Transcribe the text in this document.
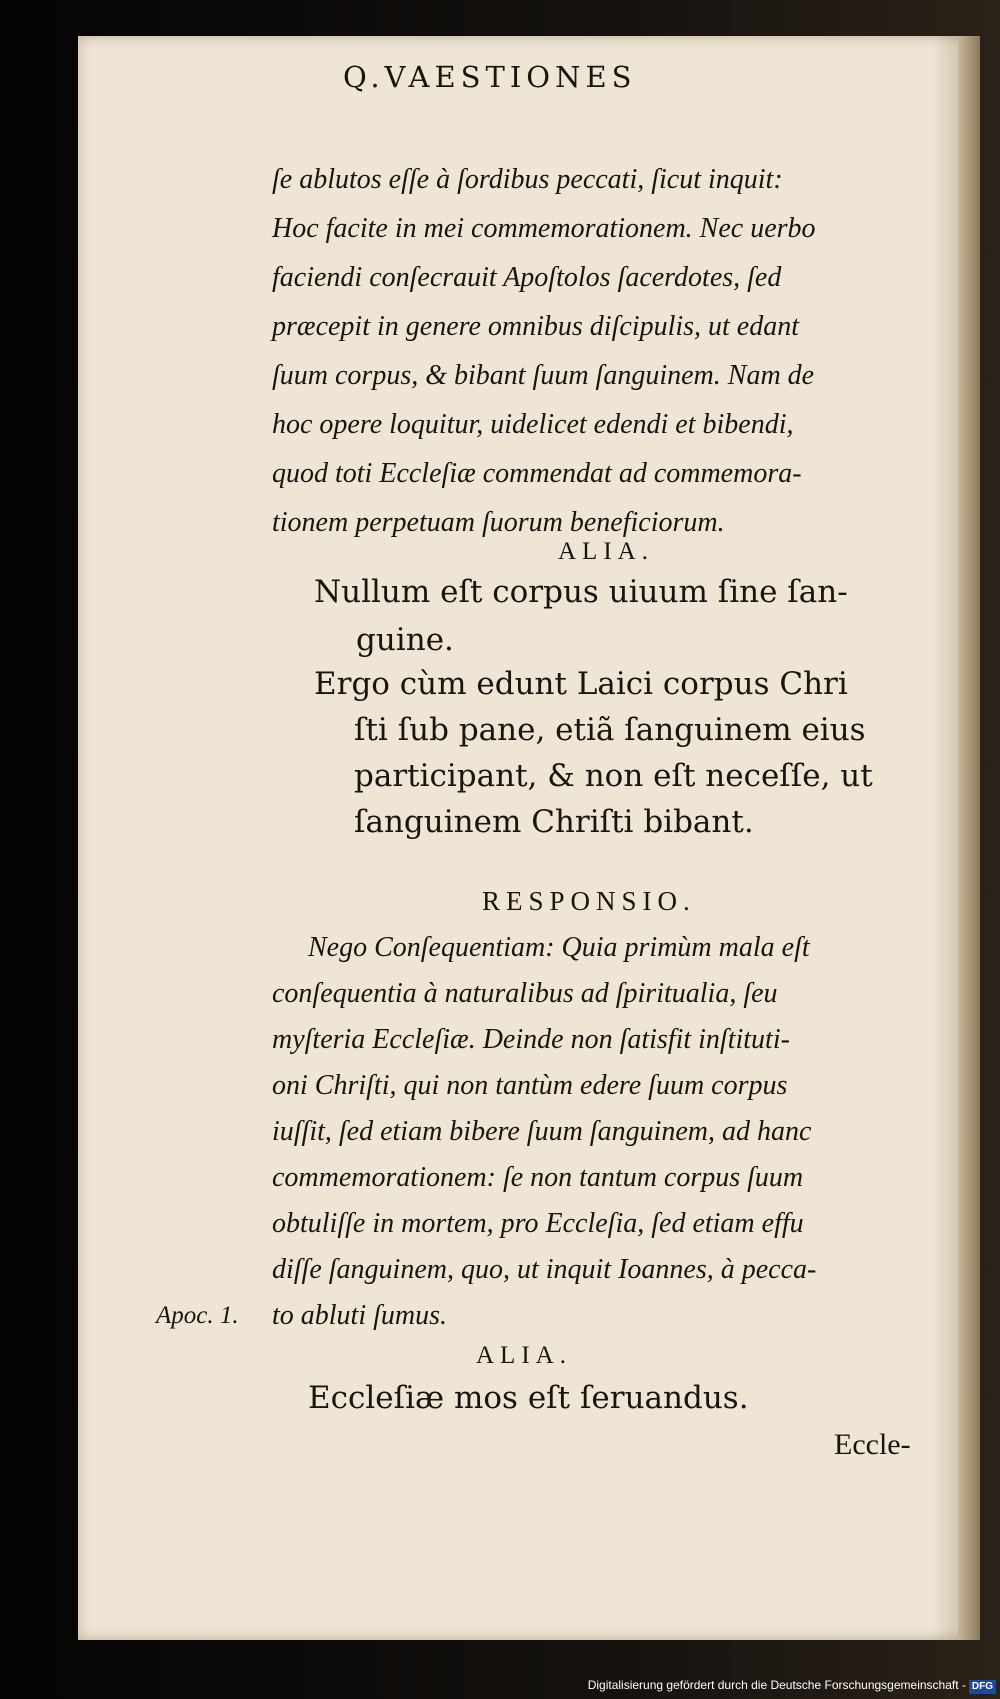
Q.VAESTIONES
ſe ablutos eſſe à ſordibus peccati, ſicut inquit:
Hoc facite in mei commemorationem. Nec uerbo
faciendi conſecrauit Apoſtolos ſacerdotes, ſed
præcepit in genere omnibus diſcipulis, ut edant
ſuum corpus, & bibant ſuum ſanguinem. Nam de
hoc opere loquitur, uidelicet edendi et bibendi,
quod toti Eccleſiæ commendat ad commemora-
tionem perpetuam ſuorum beneficiorum.
ALIA.
Nullum eſt corpus uiuum ſine ſan-
guine.
Ergo cùm edunt Laici corpus Chri
ſti ſub pane, etiã ſanguinem eius
participant, & non eſt neceſſe, ut
ſanguinem Chriſti bibant.
RESPONSIO.
Nego Conſequentiam: Quia primùm mala eſt
conſequentia à naturalibus ad ſpiritualia, ſeu
myſteria Eccleſiæ. Deinde non ſatisfit inſtituti-
oni Chriſti, qui non tantùm edere ſuum corpus
iuſſit, ſed etiam bibere ſuum ſanguinem, ad hanc
commemorationem: ſe non tantum corpus ſuum
obtuliſſe in mortem, pro Eccleſia, ſed etiam effu
diſſe ſanguinem, quo, ut inquit Ioannes, à pecca-
to abluti ſumus.
Apoc. 1.
ALIA.
Eccleſiæ mos eſt ſeruandus.
Eccle-
Digitalisierung gefördert durch die Deutsche Forschungsgemeinschaft - DFG
